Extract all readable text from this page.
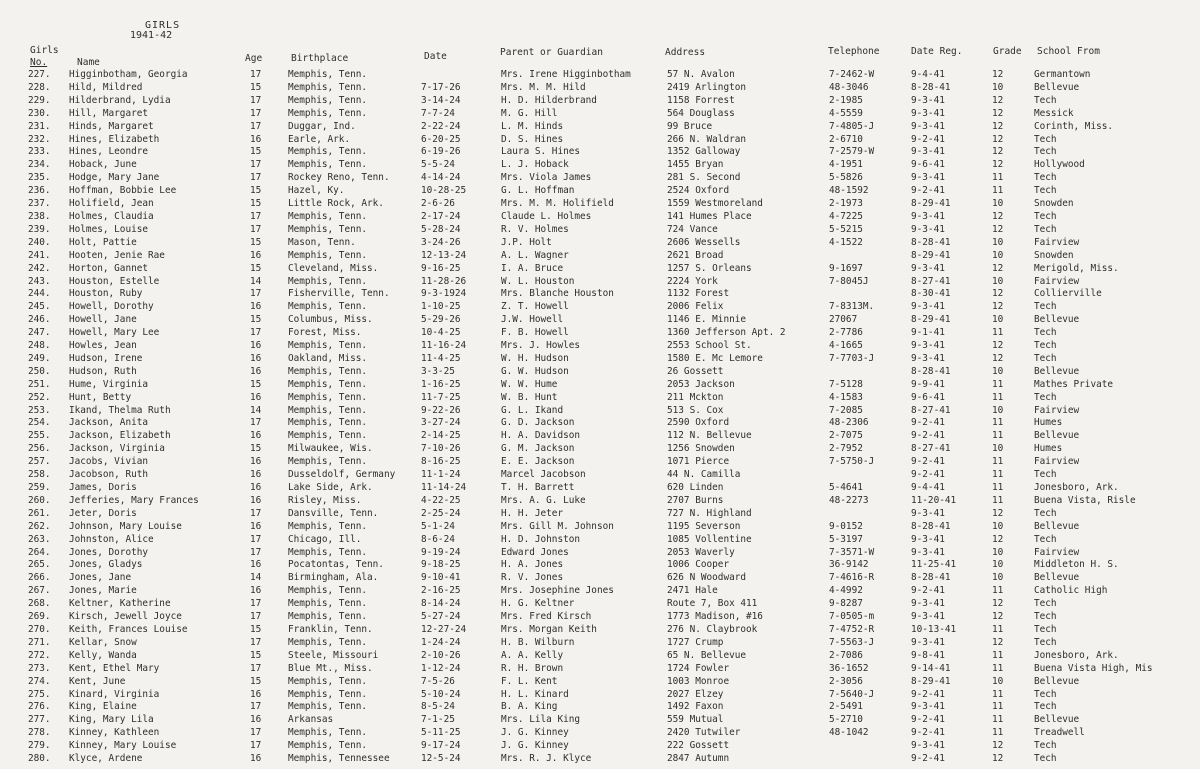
GIRLS
1941-42
Girls
No.	Name	Age	Birthplace	Date	Parent or Guardian	Address	Telephone	Date Reg.	Grade School From
227.	Higginbotham, Georgia	17	Memphis, Tenn.		Mrs. Irene Higginbotham	57 N. Avalon	7-2462-W	9-4-41	12	Germantown
228.	Hild, Mildred	15	Memphis, Tenn.	7-17-26	Mrs. M. M. Hild	2419 Arlington	48-3046	8-28-41	10	Bellevue
229.	Hilderbrand, Lydia	17	Memphis, Tenn.	3-14-24	H. D. Hilderbrand	1158 Forrest	2-1985	9-3-41	12	Tech
230.	Hill, Margaret	17	Memphis, Tenn.	7-7-24	M. G. Hill	564 Douglass	4-5559	9-3-41	12	Messick
231.	Hinds, Margaret	17	Duggar, Ind.	2-22-24	L. M. Hinds	99 Bruce	7-4805-J	9-3-41	12	Corinth, Miss.
232.	Hines, Elizabeth	16	Earle, Ark.	6-20-25	D. S. Hines	266 N. Waldran	2-6710	9-2-41	12	Tech
233.	Hines, Leondre	15	Memphis, Tenn.	6-19-26	Laura S. Hines	1352 Galloway	7-2579-W	9-3-41	12	Tech
234.	Hoback, June	17	Memphis, Tenn.	5-5-24	L. J. Hoback	1455 Bryan	4-1951	9-6-41	12	Hollywood
235.	Hodge, Mary Jane	17	Rockey Reno, Tenn.	4-14-24	Mrs. Viola James	281 S. Second	5-5826	9-3-41	11	Tech
236.	Hoffman, Bobbie Lee	15	Hazel, Ky.	10-28-25	G. L. Hoffman	2524 Oxford	48-1592	9-2-41	11	Tech
237.	Holifield, Jean	15	Little Rock, Ark.	2-6-26	Mrs. M. M. Holifield	1559 Westmoreland	2-1973	8-29-41	10	Snowden
238.	Holmes, Claudia	17	Memphis, Tenn.	2-17-24	Claude L. Holmes	141 Humes Place	4-7225	9-3-41	12	Tech
239.	Holmes, Louise	17	Memphis, Tenn.	5-28-24	R. V. Holmes	724 Vance	5-5215	9-3-41	12	Tech
240.	Holt, Pattie	15	Mason, Tenn.	3-24-26	J.P. Holt	2606 Wessells	4-1522	8-28-41	10	Fairview
241.	Hooten, Jenie Rae	16	Memphis, Tenn.	12-13-24	A. L. Wagner	2621 Broad		8-29-41	10	Snowden
242.	Horton, Gannet	15	Cleveland, Miss.	9-16-25	I. A. Bruce	1257 S. Orleans	9-1697	9-3-41	12	Merigold, Miss.
243.	Houston, Estelle	14	Memphis, Tenn.	11-28-26	W. L. Houston	2224 York	7-8045J	8-27-41	10	Fairview
244.	Houston, Ruby	17	Fisherville, Tenn.	9-3-1924	Mrs. Blanche Houston	1132 Forest		8-30-41	12	Collierville
245.	Howell, Dorothy	16	Memphis, Tenn.	1-10-25	Z. T. Howell	2006 Felix	7-8313M.	9-3-41	12	Tech
246.	Howell, Jane	15	Columbus, Miss.	5-29-26	J.W. Howell	1146 E. Minnie	27067	8-29-41	10	Bellevue
247.	Howell, Mary Lee	17	Forest, Miss.	10-4-25	F. B. Howell	1360 Jefferson Apt. 2	2-7786	9-1-41	11	Tech
248.	Howles, Jean	16	Memphis, Tenn.	11-16-24	Mrs. J. Howles	2553 School St.	4-1665	9-3-41	12	Tech
249.	Hudson, Irene	16	Oakland, Miss.	11-4-25	W. H. Hudson	1580 E. Mc Lemore	7-7703-J	9-3-41	12	Tech
250.	Hudson, Ruth	16	Memphis, Tenn.	3-3-25	G. W. Hudson	26 Gossett		8-28-41	10	Bellevue
251.	Hume, Virginia	15	Memphis, Tenn.	1-16-25	W. W. Hume	2053 Jackson	7-5128	9-9-41	11	Mathes Private
252.	Hunt, Betty	16	Memphis, Tenn.	11-7-25	W. B. Hunt	211 Mckton	4-1583	9-6-41	11	Tech
253.	Ikand, Thelma Ruth	14	Memphis, Tenn.	9-22-26	G. L. Ikand	513 S. Cox	7-2085	8-27-41	10	Fairview
254.	Jackson, Anita	17	Memphis, Tenn.	3-27-24	G. D. Jackson	2590 Oxford	48-2306	9-2-41	11	Humes
255.	Jackson, Elizabeth	16	Memphis, Tenn.	2-14-25	H. A. Davidson	112 N. Bellevue	2-7075	9-2-41	11	Bellevue
256.	Jackson, Virginia	15	Milwaukee, Wis.	7-10-26	G. M. Jackson	1256 Snowden	2-7952	8-27-41	10	Humes
257.	Jacobs, Vivian	16	Memphis, Tenn.	8-16-25	E. E. Jackson	1071 Pierce	7-5750-J	9-2-41	11	Fairview
258.	Jacobson, Ruth	16	Dusseldolf, Germany	11-1-24	Marcel Jacobson	44 N. Camilla		9-2-41	11	Tech
259.	James, Doris	16	Lake Side, Ark.	11-14-24	T. H. Barrett	620 Linden	5-4641	9-4-41	11	Jonesboro, Ark.
260.	Jefferies, Mary Frances	16	Risley, Miss.	4-22-25	Mrs. A. G. Luke	2707 Burns	48-2273	11-20-41	11	Buena Vista, Risle
261.	Jeter, Doris	17	Dansville, Tenn.	2-25-24	H. H. Jeter	727 N. Highland		9-3-41	12	Tech
262.	Johnson, Mary Louise	16	Memphis, Tenn.	5-1-24	Mrs. Gill M. Johnson	1195 Severson	9-0152	8-28-41	10	Bellevue
263.	Johnston, Alice	17	Chicago, Ill.	8-6-24	H. D. Johnston	1085 Vollentine	5-3197	9-3-41	12	Tech
264.	Jones, Dorothy	17	Memphis, Tenn.	9-19-24	Edward Jones	2053 Waverly	7-3571-W	9-3-41	10	Fairview
265.	Jones, Gladys	16	Pocatontas, Tenn.	9-18-25	H. A. Jones	1006 Cooper	36-9142	11-25-41	10	Middleton H. S.
266.	Jones, Jane	14	Birmingham, Ala.	9-10-41	R. V. Jones	626 N Woodward	7-4616-R	8-28-41	10	Bellevue
267.	Jones, Marie	16	Memphis, Tenn.	2-16-25	Mrs. Josephine Jones	2471 Hale	4-4992	9-2-41	11	Catholic High
268.	Keltner, Katherine	17	Memphis, Tenn.	8-14-24	H. G. Keltner	Route 7, Box 411	9-8287	9-3-41	12	Tech
269.	Kirsch, Jewell Joyce	17	Memphis, Tenn.	5-27-24	Mrs. Fred Kirsch	1773 Madison, #16	7-0505-m	9-3-41	12	Tech
270.	Keith, Frances Louise	15	Franklin, Tenn.	12-27-24	Mrs. Morgan Keith	276 N. Claybrook	7-4752-R	10-13-41	11	Tech
271.	Kellar, Snow	17	Memphis, Tenn.	1-24-24	H. B. Wilburn	1727 Crump	7-5563-J	9-3-41	12	Tech
272.	Kelly, Wanda	15	Steele, Missouri	2-10-26	A. A. Kelly	65 N. Bellevue	2-7086	9-8-41	11	Jonesboro, Ark.
273.	Kent, Ethel Mary	17	Blue Mt., Miss.	1-12-24	R. H. Brown	1724 Fowler	36-1652	9-14-41	11	Buena Vista High, Mis
274.	Kent, June	15	Memphis, Tenn.	7-5-26	F. L. Kent	1003 Monroe	2-3056	8-29-41	10	Bellevue
275.	Kinard, Virginia	16	Memphis, Tenn.	5-10-24	H. L. Kinard	2027 Elzey	7-5640-J	9-2-41	11	Tech
276.	King, Elaine	17	Memphis, Tenn.	8-5-24	B. A. King	1492 Faxon	2-5491	9-3-41	11	Tech
277.	King, Mary Lila	16	Arkansas	7-1-25	Mrs. Lila King	559 Mutual	5-2710	9-2-41	11	Bellevue
278.	Kinney, Kathleen	17	Memphis, Tenn.	5-11-25	J. G. Kinney	2420 Tutwiler	48-1042	9-2-41	11	Treadwell
279.	Kinney, Mary Louise	17	Memphis, Tenn.	9-17-24	J. G. Kinney	222 Gossett		9-3-41	12	Tech
280.	Klyce, Ardene	16	Memphis, Tennessee	12-5-24	Mrs. R. J. Klyce	2847 Autumn		9-2-41	12	Tech
